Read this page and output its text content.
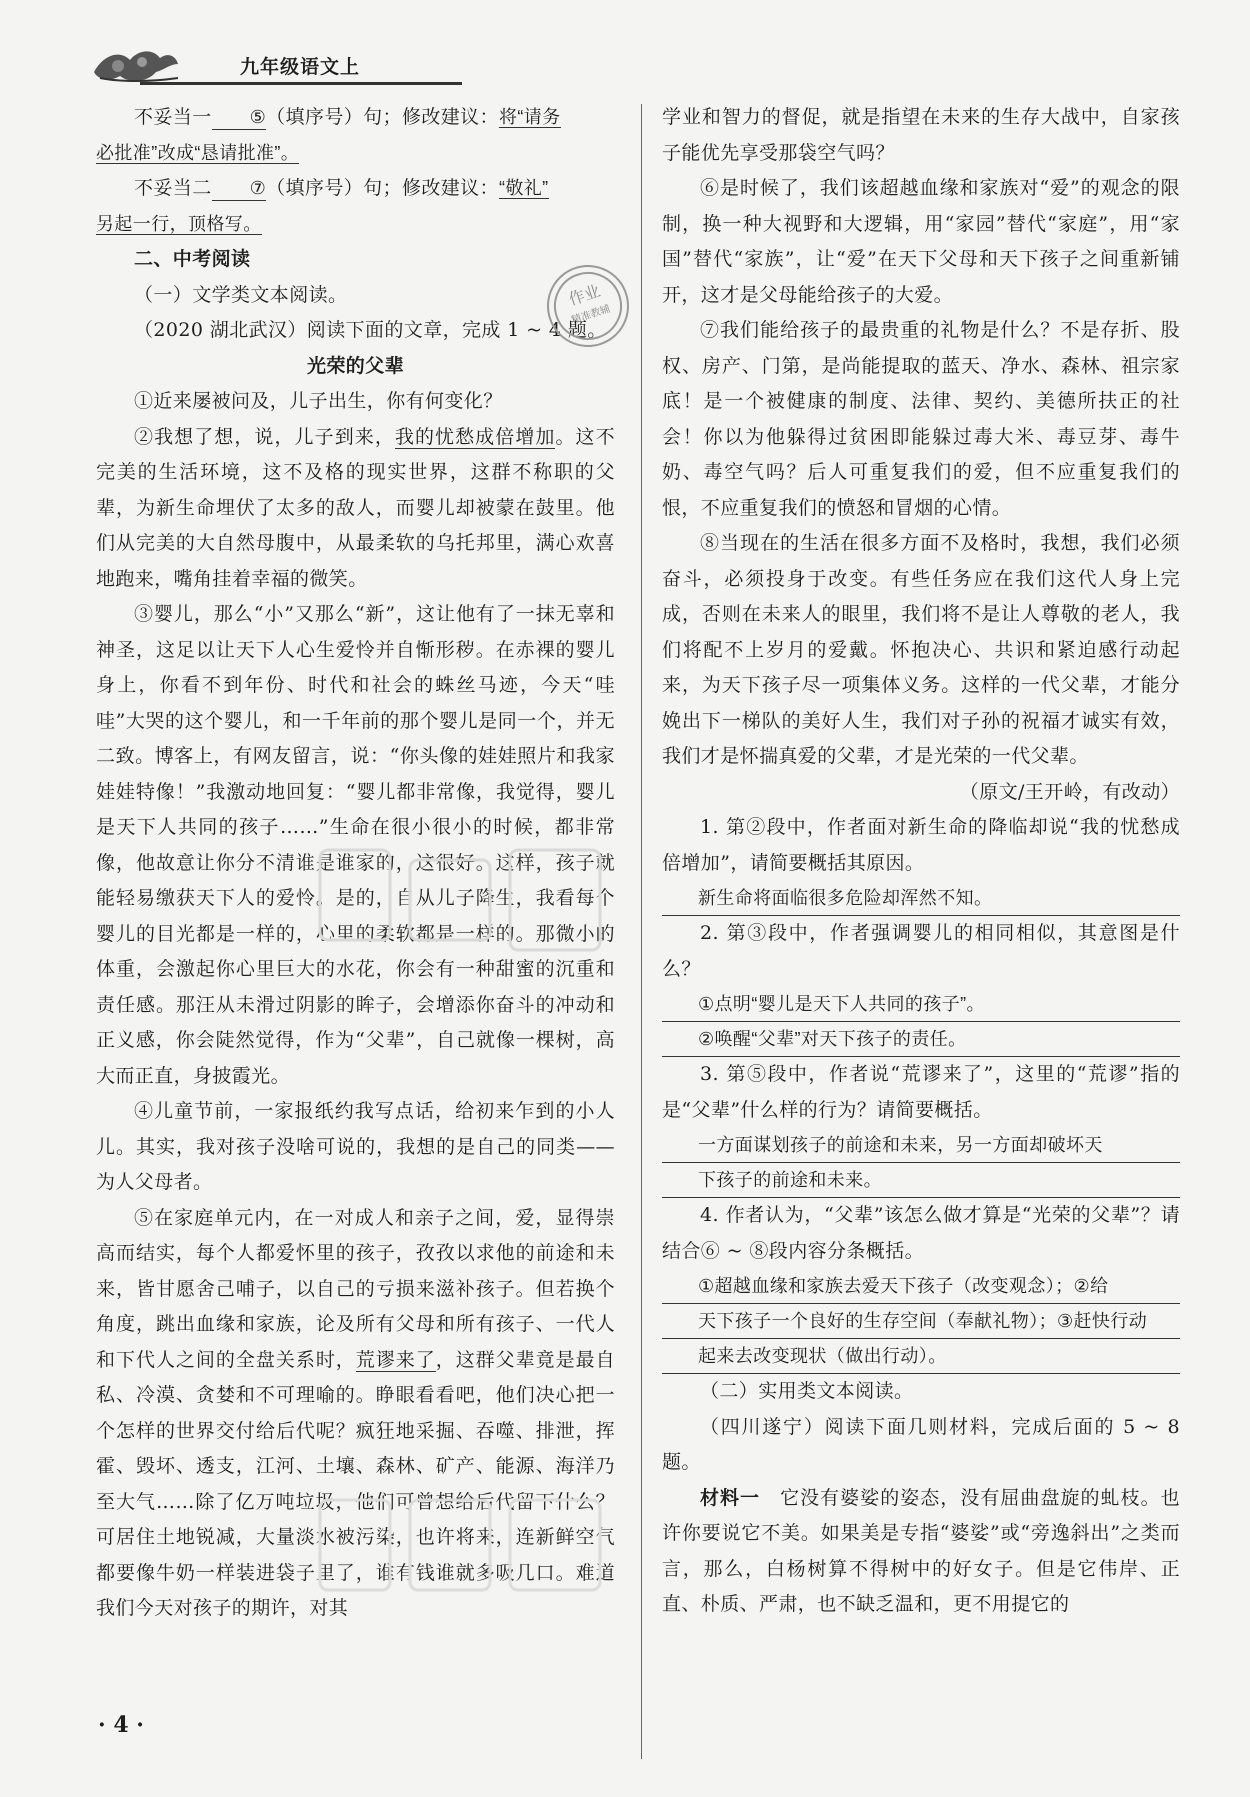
九年级语文上

不妥当一 ⑤（填序号）句；修改建议：将“请务

必批准”改成“恳请批准”。

不妥当二 ⑦（填序号）句；修改建议：“敬礼”

另起一行，顶格写。

二、中考阅读

（一）文学类文本阅读。

（2020 湖北武汉）阅读下面的文章，完成 1 ~ 4 题。

光荣的父辈

①近来屡被问及，儿子出生，你有何变化？

②我想了想，说，儿子到来，我的忧愁成倍增加。这不完美的生活环境，这不及格的现实世界，这群不称职的父辈，为新生命埋伏了太多的敌人，而婴儿却被蒙在鼓里。他们从完美的大自然母腹中，从最柔软的乌托邦里，满心欢喜地跑来，嘴角挂着幸福的微笑。

③婴儿，那么“小”又那么“新”，这让他有了一抹无辜和神圣，这足以让天下人心生爱怜并自惭形秽。在赤裸的婴儿身上，你看不到年份、时代和社会的蛛丝马迹，今天“哇哇”大哭的这个婴儿，和一千年前的那个婴儿是同一个，并无二致。博客上，有网友留言，说：“你头像的娃娃照片和我家娃娃特像！”我激动地回复：“婴儿都非常像，我觉得，婴儿是天下人共同的孩子……”生命在很小很小的时候，都非常像，他故意让你分不清谁是谁家的，这很好。这样，孩子就能轻易缴获天下人的爱怜。是的，自从儿子降生，我看每个婴儿的目光都是一样的，心里的柔软都是一样的。那微小的体重，会激起你心里巨大的水花，你会有一种甜蜜的沉重和责任感。那汪从未滑过阴影的眸子，会增添你奋斗的冲动和正义感，你会陡然觉得，作为“父辈”，自己就像一棵树，高大而正直，身披霞光。

④儿童节前，一家报纸约我写点话，给初来乍到的小人儿。其实，我对孩子没啥可说的，我想的是自己的同类——为人父母者。

⑤在家庭单元内，在一对成人和亲子之间，爱，显得崇高而结实，每个人都爱怀里的孩子，孜孜以求他的前途和未来，皆甘愿舍己哺子，以自己的亏损来滋补孩子。但若换个角度，跳出血缘和家族，论及所有父母和所有孩子、一代人和下代人之间的全盘关系时，荒谬来了，这群父辈竟是最自私、冷漠、贪婪和不可理喻的。睁眼看看吧，他们决心把一个怎样的世界交付给后代呢？疯狂地采掘、吞噬、排泄，挥霍、毁坏、透支，江河、土壤、森林、矿产、能源、海洋乃至大气……除了亿万吨垃圾，他们可曾想给后代留下什么？可居住土地锐减，大量淡水被污染，也许将来，连新鲜空气都要像牛奶一样装进袋子里了，谁有钱谁就多吸几口。难道我们今天对孩子的期许，对其

学业和智力的督促，就是指望在未来的生存大战中，自家孩子能优先享受那袋空气吗？

⑥是时候了，我们该超越血缘和家族对“爱”的观念的限制，换一种大视野和大逻辑，用“家园”替代“家庭”，用“家国”替代“家族”，让“爱”在天下父母和天下孩子之间重新铺开，这才是父母能给孩子的大爱。

⑦我们能给孩子的最贵重的礼物是什么？不是存折、股权、房产、门第，是尚能提取的蓝天、净水、森林、祖宗家底！是一个被健康的制度、法律、契约、美德所扶正的社会！你以为他躲得过贫困即能躲过毒大米、毒豆芽、毒牛奶、毒空气吗？后人可重复我们的爱，但不应重复我们的恨，不应重复我们的愤怒和冒烟的心情。

⑧当现在的生活在很多方面不及格时，我想，我们必须奋斗，必须投身于改变。有些任务应在我们这代人身上完成，否则在未来人的眼里，我们将不是让人尊敬的老人，我们将配不上岁月的爱戴。怀抱决心、共识和紧迫感行动起来，为天下孩子尽一项集体义务。这样的一代父辈，才能分娩出下一梯队的美好人生，我们对子孙的祝福才诚实有效，我们才是怀揣真爱的父辈，才是光荣的一代父辈。

（原文/王开岭，有改动）

1. 第②段中，作者面对新生命的降临却说“我的忧愁成倍增加”，请简要概括其原因。

新生命将面临很多危险却浑然不知。

2. 第③段中，作者强调婴儿的相同相似，其意图是什么？

①点明“婴儿是天下人共同的孩子”。

②唤醒“父辈”对天下孩子的责任。

3. 第⑤段中，作者说“荒谬来了”，这里的“荒谬”指的是“父辈”什么样的行为？请简要概括。

一方面谋划孩子的前途和未来，另一方面却破坏天

下孩子的前途和未来。

4. 作者认为，“父辈”该怎么做才算是“光荣的父辈”？请结合⑥ ~ ⑧段内容分条概括。

①超越血缘和家族去爱天下孩子（改变观念）；②给

天下孩子一个良好的生存空间（奉献礼物）；③赶快行动

起来去改变现状（做出行动）。

（二）实用类文本阅读。

（四川遂宁）阅读下面几则材料，完成后面的 5 ~ 8 题。

材料一　它没有婆娑的姿态，没有屈曲盘旋的虬枝。也许你要说它不美。如果美是专指“婆娑”或“旁逸斜出”之类而言，那么，白杨树算不得树中的好女子。但是它伟岸、正直、朴质、严肃，也不缺乏温和，更不用提它的

作业
精准教辅
· 4 ·
